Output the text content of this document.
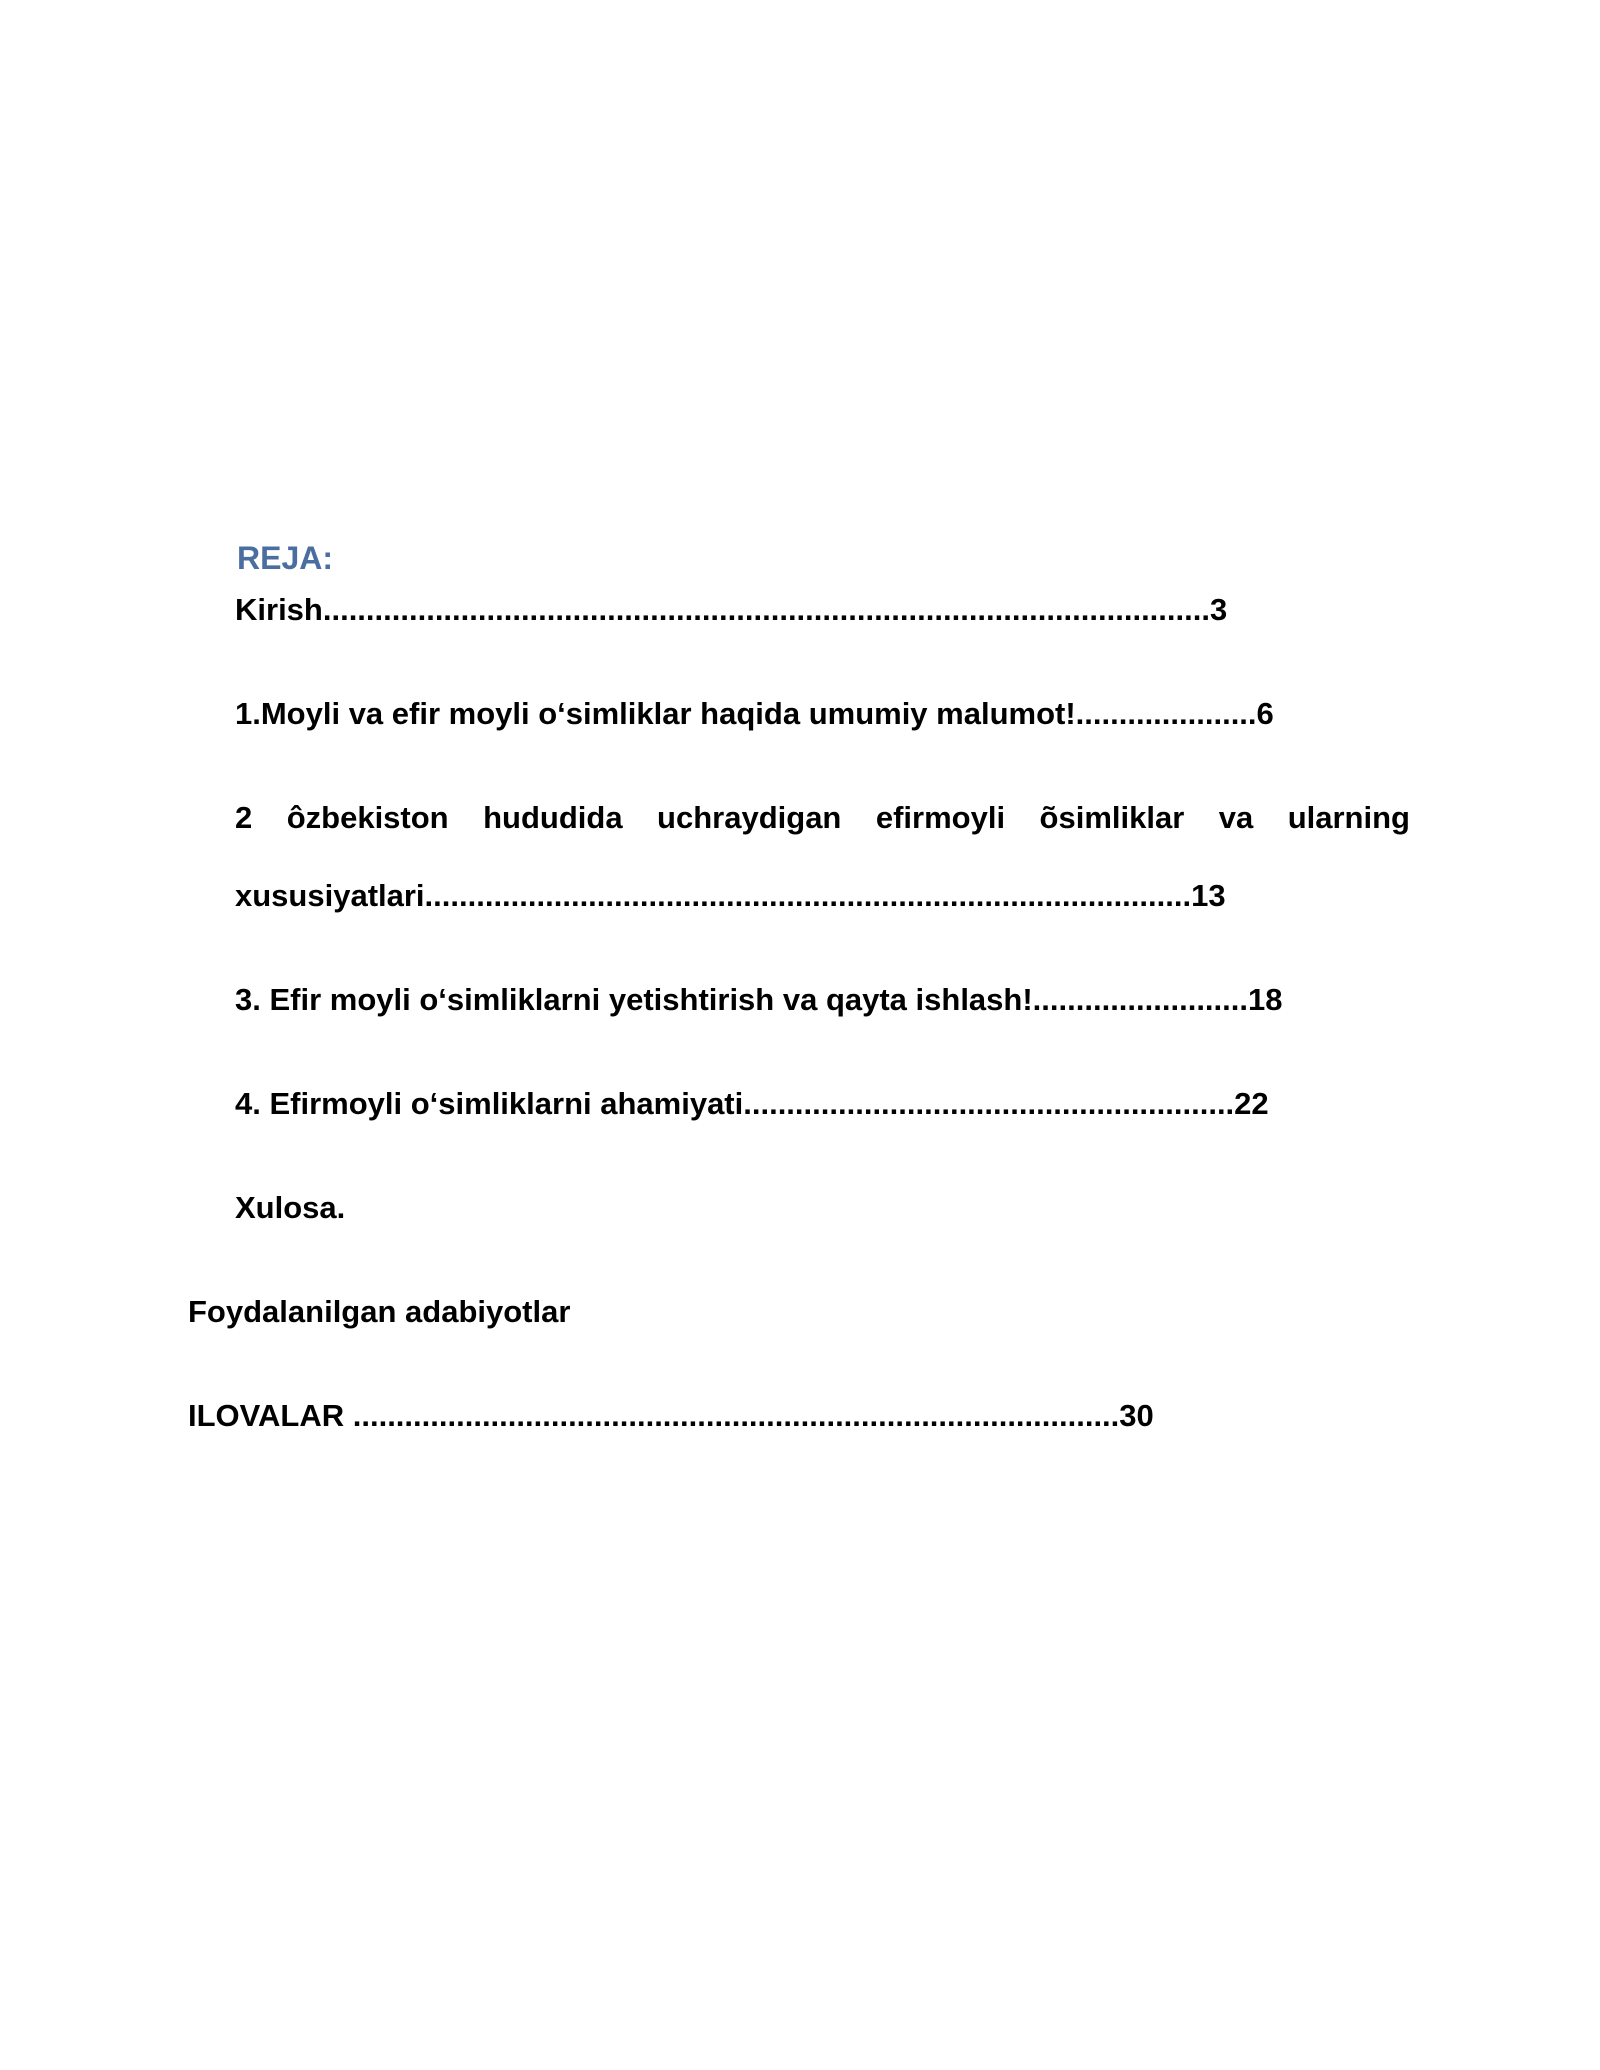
REJA:
Kirish.......................................................................................................3
1.Moyli va efir moyli o‘simliklar haqida umumiy malumot!.....................6
2 ôzbekiston hududida uchraydigan efirmoyli õsimliklar va ularning
xususiyatlari.........................................................................................13
3. Efir moyli o‘simliklarni yetishtirish va qayta ishlash!.........................18
4. Efirmoyli o‘simliklarni ahamiyati.........................................................22
Xulosa.
Foydalanilgan adabiyotlar
ILOVALAR .........................................................................................30
